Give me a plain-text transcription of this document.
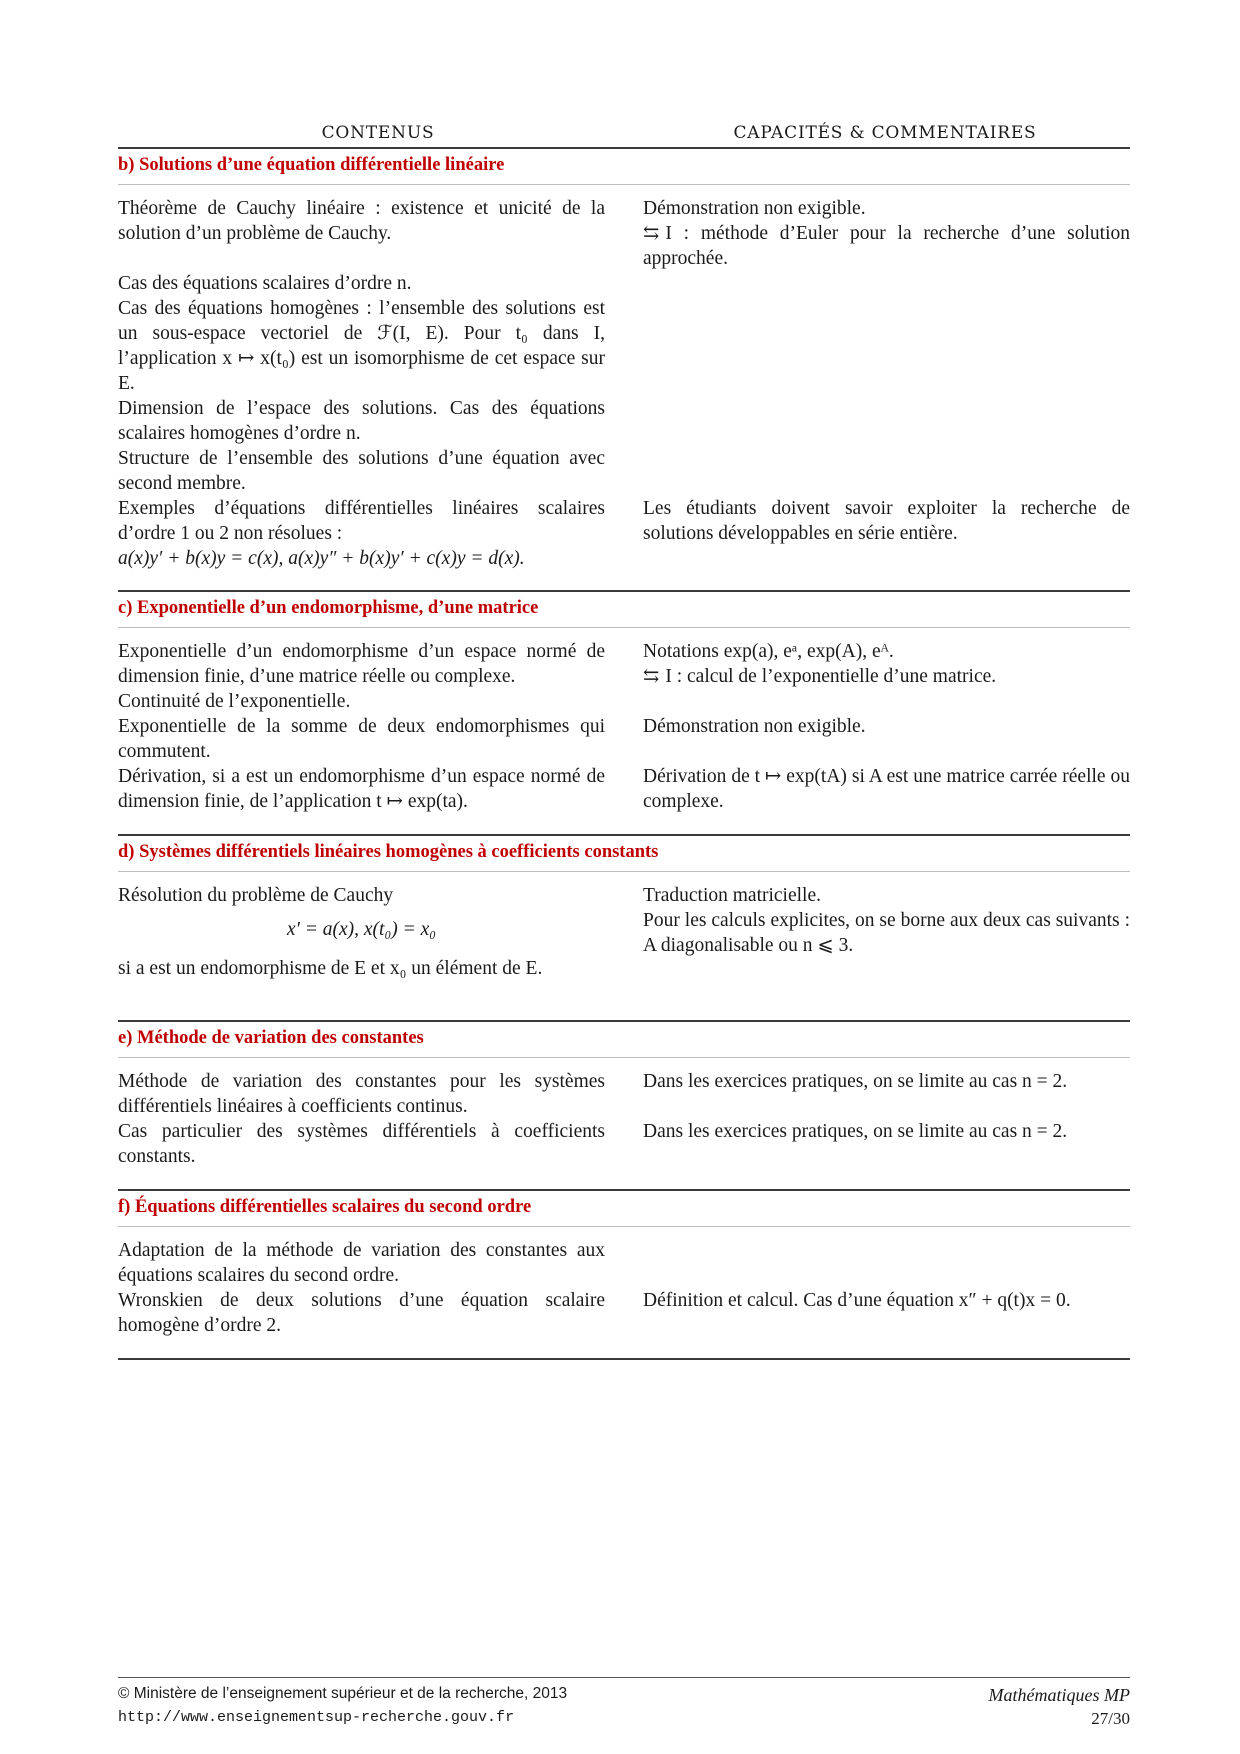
CONTENUS	CAPACITÉS & COMMENTAIRES
b) Solutions d’une équation différentielle linéaire

Théorème de Cauchy linéaire : existence et unicité de la solution d’un problème de Cauchy.

Cas des équations scalaires d’ordre n.

Cas des équations homogènes : l’ensemble des solutions est un sous-espace vectoriel de ℱ(I, E). Pour t₀ dans I, l’application x ↦ x(t₀) est un isomorphisme de cet espace sur E.

Dimension de l’espace des solutions. Cas des équations scalaires homogènes d’ordre n.

Structure de l’ensemble des solutions d’une équation avec second membre.

Exemples d’équations différentielles linéaires scalaires d’ordre 1 ou 2 non résolues :

a(x)y′ + b(x)y = c(x), a(x)y″ + b(x)y′ + c(x)y = d(x).

Démonstration non exigible.

⇆ I : méthode d’Euler pour la recherche d’une solution approchée.

Les étudiants doivent savoir exploiter la recherche de solutions développables en série entière.

c) Exponentielle d’un endomorphisme, d’une matrice

Exponentielle d’un endomorphisme d’un espace normé de dimension finie, d’une matrice réelle ou complexe.

Continuité de l’exponentielle.

Exponentielle de la somme de deux endomorphismes qui commutent.

Dérivation, si a est un endomorphisme d’un espace normé de dimension finie, de l’application t ↦ exp(ta).

Notations exp(a), eᵃ, exp(A), eᴬ.

⇆ I : calcul de l’exponentielle d’une matrice.

Démonstration non exigible.

Dérivation de t ↦ exp(tA) si A est une matrice carrée réelle ou complexe.

d) Systèmes différentiels linéaires homogènes à coefficients constants

Résolution du problème de Cauchy

x′ = a(x), x(t₀) = x₀

si a est un endomorphisme de E et x₀ un élément de E.

Traduction matricielle.

Pour les calculs explicites, on se borne aux deux cas suivants : A diagonalisable ou n ⩽ 3.

e) Méthode de variation des constantes

Méthode de variation des constantes pour les systèmes différentiels linéaires à coefficients continus.

Cas particulier des systèmes différentiels à coefficients constants.

Dans les exercices pratiques, on se limite au cas n = 2.

Dans les exercices pratiques, on se limite au cas n = 2.

f) Équations différentielles scalaires du second ordre

Adaptation de la méthode de variation des constantes aux équations scalaires du second ordre.

Wronskien de deux solutions d’une équation scalaire homogène d’ordre 2.

Définition et calcul. Cas d’une équation x″ + q(t)x = 0.

© Ministère de l’enseignement supérieur et de la recherche, 2013
http://www.enseignementsup-recherche.gouv.fr
Mathématiques MP
27/30
